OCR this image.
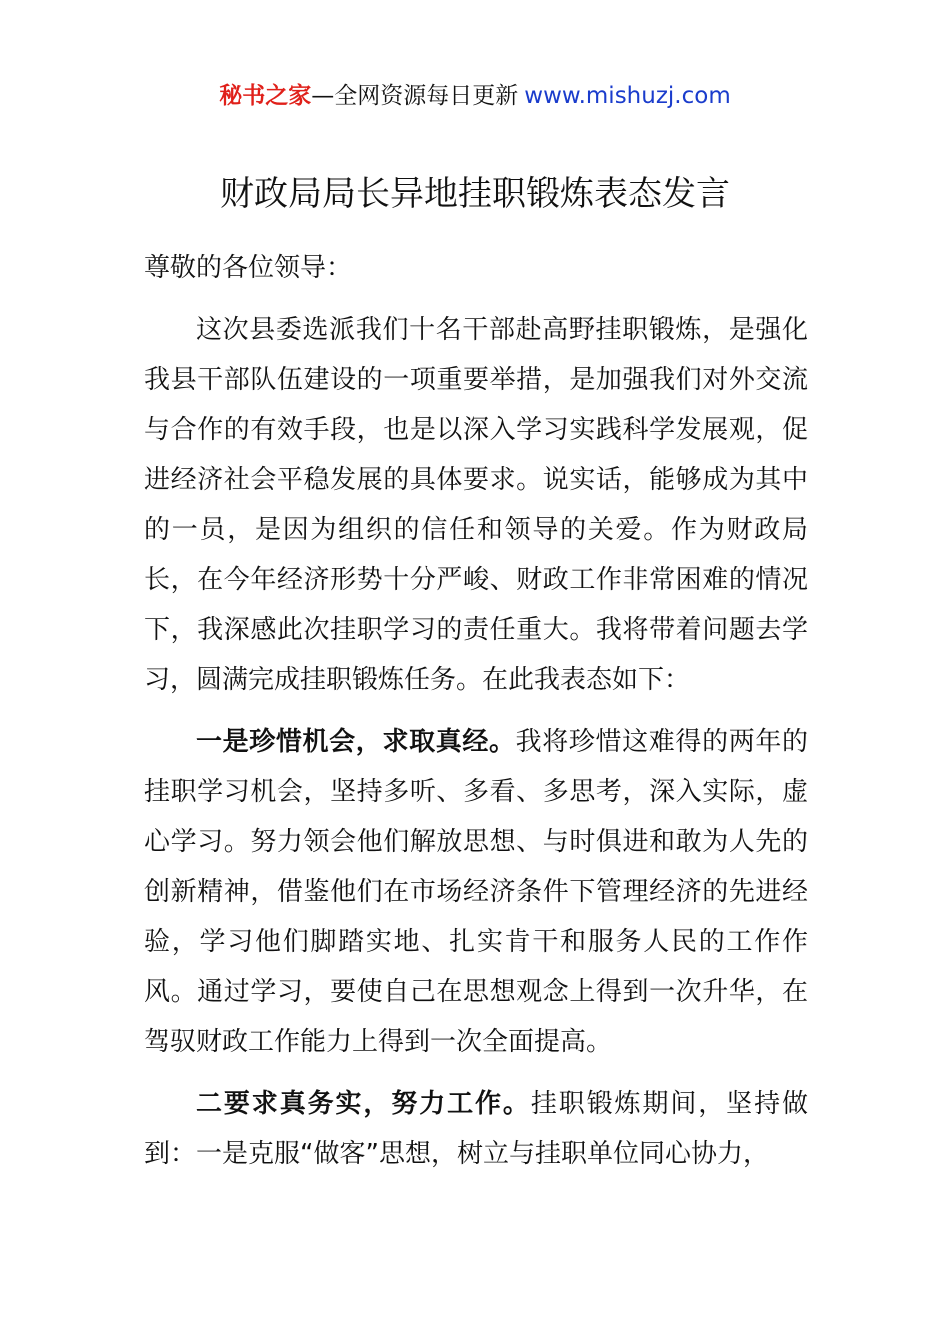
秘书之家—全网资源每日更新 www.mishuzj.com
财政局局长异地挂职锻炼表态发言

尊敬的各位领导：

这次县委选派我们十名干部赴高野挂职锻炼，是强化我县干部队伍建设的一项重要举措，是加强我们对外交流与合作的有效手段，也是以深入学习实践科学发展观，促进经济社会平稳发展的具体要求。说实话，能够成为其中的一员，是因为组织的信任和领导的关爱。作为财政局长，在今年经济形势十分严峻、财政工作非常困难的情况下，我深感此次挂职学习的责任重大。我将带着问题去学习，圆满完成挂职锻炼任务。在此我表态如下：

一是珍惜机会，求取真经。我将珍惜这难得的两年的挂职学习机会，坚持多听、多看、多思考，深入实际，虚心学习。努力领会他们解放思想、与时俱进和敢为人先的创新精神，借鉴他们在市场经济条件下管理经济的先进经验，学习他们脚踏实地、扎实肯干和服务人民的工作作风。通过学习，要使自己在思想观念上得到一次升华，在驾驭财政工作能力上得到一次全面提高。

二要求真务实，努力工作。挂职锻炼期间，坚持做到：一是克服“做客”思想，树立与挂职单位同心协力，
